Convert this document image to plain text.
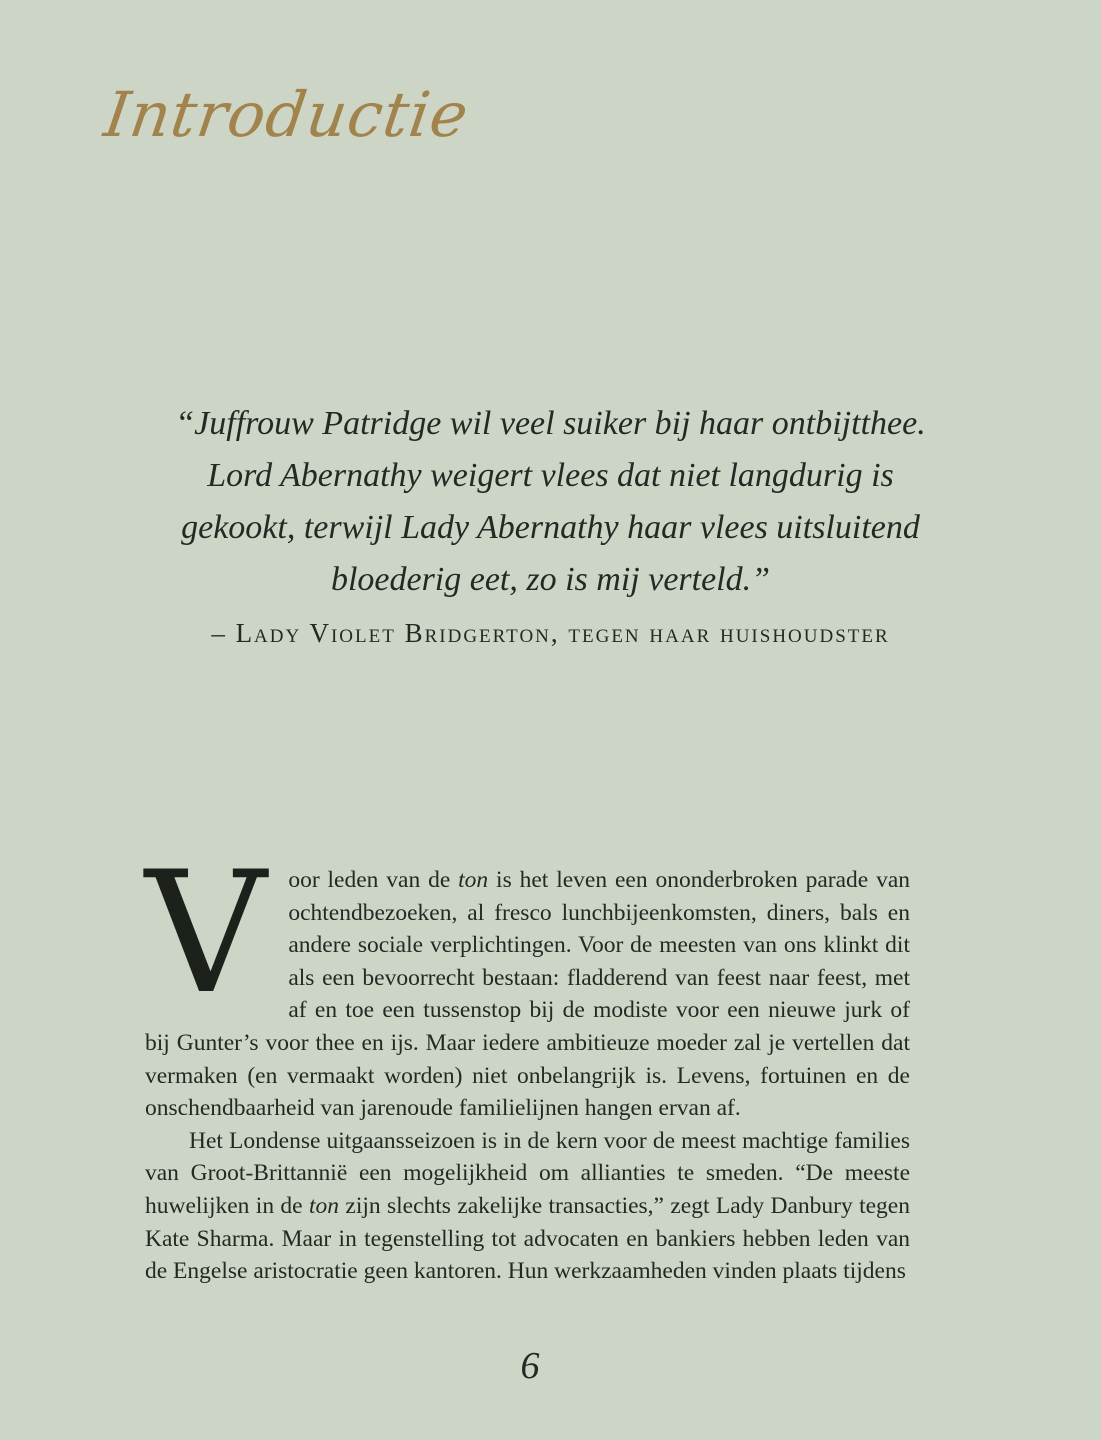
Introductie
“Juffrouw Patridge wil veel suiker bij haar ontbijtthee.
Lord Abernathy weigert vlees dat niet langdurig is
gekookt, terwijl Lady Abernathy haar vlees uitsluitend
bloederig eet, zo is mij verteld.”

– Lady Violet Bridgerton, tegen haar huishoudster

Voor leden van de ton is het leven een ononderbroken parade van ochtendbezoeken, al fresco lunchbijeenkomsten, diners, bals en andere sociale verplichtingen. Voor de meesten van ons klinkt dit als een bevoorrecht bestaan: fladderend van feest naar feest, met af en toe een tussenstop bij de modiste voor een nieuwe jurk of bij Gunter’s voor thee en ijs. Maar iedere ambitieuze moeder zal je vertellen dat vermaken (en vermaakt worden) niet onbelangrijk is. Levens, fortuinen en de onschendbaarheid van jarenoude familielijnen hangen ervan af.

Het Londense uitgaansseizoen is in de kern voor de meest machtige families van Groot-Brittannië een mogelijkheid om allianties te smeden. “De meeste huwelijken in de ton zijn slechts zakelijke transacties,” zegt Lady Danbury tegen Kate Sharma. Maar in tegenstelling tot advocaten en bankiers hebben leden van de Engelse aristocratie geen kantoren. Hun werkzaamheden vinden plaats tijdens

6
